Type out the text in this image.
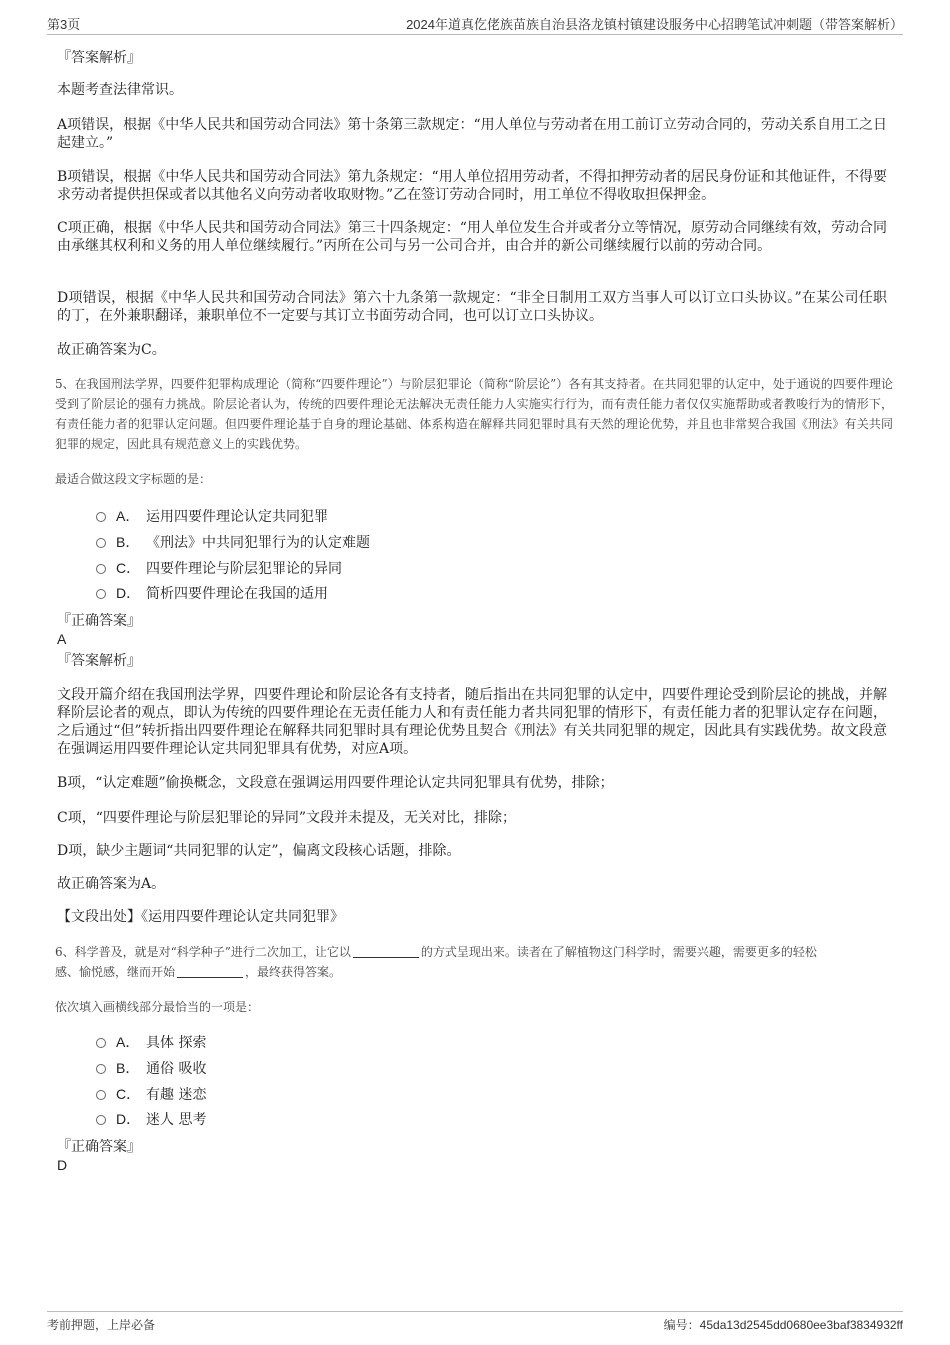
第3页	2024年道真仡佬族苗族自治县洛龙镇村镇建设服务中心招聘笔试冲刺题（带答案解析）
『答案解析』
本题考查法律常识。
A项错误，根据《中华人民共和国劳动合同法》第十条第三款规定：“用人单位与劳动者在用工前订立劳动合同的，劳动关系自用工之日起建立。”
B项错误，根据《中华人民共和国劳动合同法》第九条规定：“用人单位招用劳动者，不得扣押劳动者的居民身份证和其他证件，不得要求劳动者提供担保或者以其他名义向劳动者收取财物。”乙在签订劳动合同时，用工单位不得收取担保押金。
C项正确，根据《中华人民共和国劳动合同法》第三十四条规定：“用人单位发生合并或者分立等情况，原劳动合同继续有效，劳动合同由承继其权利和义务的用人单位继续履行。”丙所在公司与另一公司合并，由合并的新公司继续履行以前的劳动合同。
D项错误，根据《中华人民共和国劳动合同法》第六十九条第一款规定：“非全日制用工双方当事人可以订立口头协议。”在某公司任职的丁，在外兼职翻译，兼职单位不一定要与其订立书面劳动合同，也可以订立口头协议。
故正确答案为C。
5、在我国刑法学界，四要件犯罪构成理论（简称“四要件理论”）与阶层犯罪论（简称“阶层论”）各有其支持者。在共同犯罪的认定中，处于通说的四要件理论受到了阶层论的强有力挑战。阶层论者认为，传统的四要件理论无法解决无责任能力人实施实行行为，而有责任能力者仅仅实施帮助或者教唆行为的情形下，有责任能力者的犯罪认定问题。但四要件理论基于自身的理论基础、体系构造在解释共同犯罪时具有天然的理论优势，并且也非常契合我国《刑法》有关共同犯罪的规定，因此具有规范意义上的实践优势。
最适合做这段文字标题的是：
A． 运用四要件理论认定共同犯罪
B． 《刑法》中共同犯罪行为的认定难题
C． 四要件理论与阶层犯罪论的异同
D． 简析四要件理论在我国的适用
『正确答案』
A
『答案解析』
文段开篇介绍在我国刑法学界，四要件理论和阶层论各有支持者，随后指出在共同犯罪的认定中，四要件理论受到阶层论的挑战，并解释阶层论者的观点，即认为传统的四要件理论在无责任能力人和有责任能力者共同犯罪的情形下，有责任能力者的犯罪认定存在问题，之后通过“但”转折指出四要件理论在解释共同犯罪时具有理论优势且契合《刑法》有关共同犯罪的规定，因此具有实践优势。故文段意在强调运用四要件理论认定共同犯罪具有优势，对应A项。
B项，“认定难题”偷换概念，文段意在强调运用四要件理论认定共同犯罪具有优势，排除；
C项，“四要件理论与阶层犯罪论的异同”文段并未提及，无关对比，排除；
D项，缺少主题词“共同犯罪的认定”，偏离文段核心话题，排除。
故正确答案为A。
【文段出处】《运用四要件理论认定共同犯罪》
6、科学普及，就是对“科学种子”进行二次加工，让它以	的方式呈现出来。读者在了解植物这门科学时，需要兴趣，需要更多的轻松
感、愉悦感，继而开始	，最终获得答案。
依次填入画横线部分最恰当的一项是：
A． 具体 探索
B． 通俗 吸收
C． 有趣 迷恋
D． 迷人 思考
『正确答案』
D
考前押题，上岸必备	编号：45da13d2545dd0680ee3baf3834932ff
